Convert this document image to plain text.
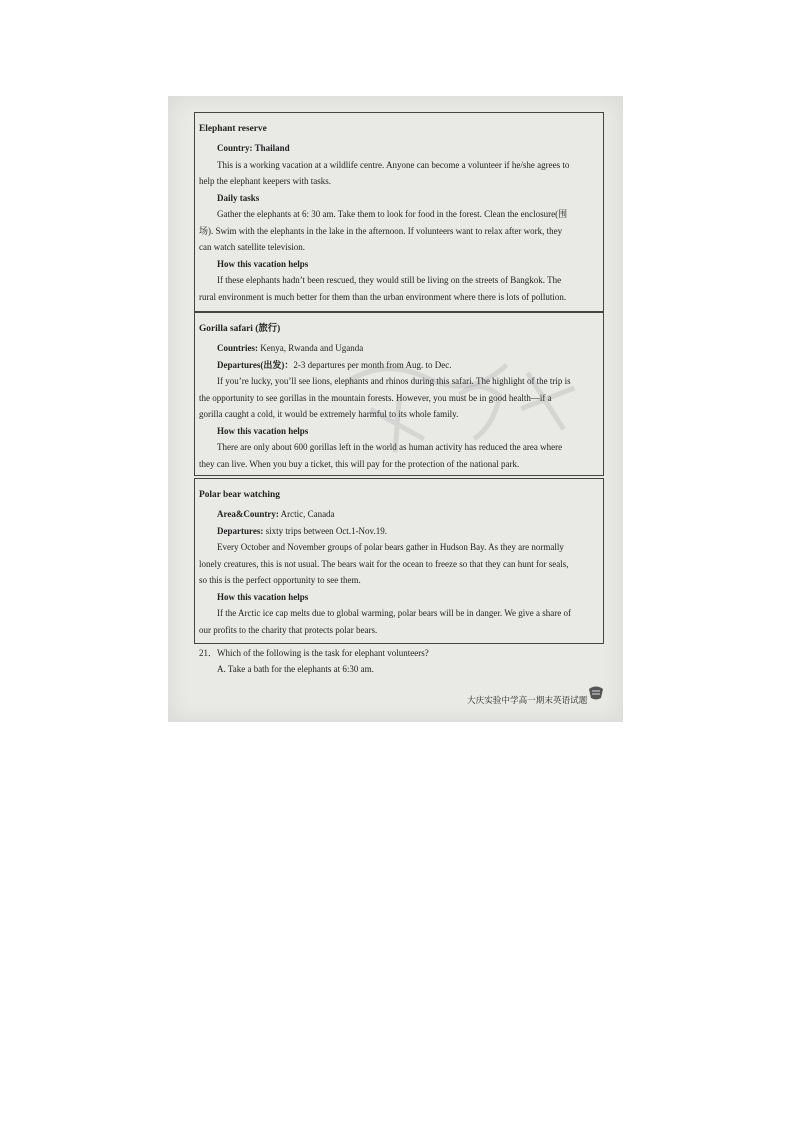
Elephant reserve

Country: Thailand

This is a working vacation at a wildlife centre. Anyone can become a volunteer if he/she agrees to

help the elephant keepers with tasks.

Daily tasks

Gather the elephants at 6: 30 am. Take them to look for food in the forest. Clean the enclosure(围

场). Swim with the elephants in the lake in the afternoon. If volunteers want to relax after work, they

can watch satellite television.

How this vacation helps

If these elephants hadn’t been rescued, they would still be living on the streets of Bangkok. The

rural environment is much better for them than the urban environment where there is lots of pollution.

Gorilla safari (旅行)

Countries: Kenya, Rwanda and Uganda

Departures(出发)：2-3 departures per month from Aug. to Dec.

If you’re lucky, you’ll see lions, elephants and rhinos during this safari. The highlight of the trip is

the opportunity to see gorillas in the mountain forests. However, you must be in good health—if a

gorilla caught a cold, it would be extremely harmful to its whole family.

How this vacation helps

There are only about 600 gorillas left in the world as human activity has reduced the area where

they can live. When you buy a ticket, this will pay for the protection of the national park.

Polar bear watching

Area&Country: Arctic, Canada

Departures: sixty trips between Oct.1-Nov.19.

Every October and November groups of polar bears gather in Hudson Bay. As they are normally

lonely creatures, this is not usual. The bears wait for the ocean to freeze so that they can hunt for seals,

so this is the perfect opportunity to see them.

How this vacation helps

If the Arctic ice cap melts due to global warming, polar bears will be in danger. We give a share of

our profits to the charity that protects polar bears.

21．Which of the following is the task for elephant volunteers?
A. Take a bath for the elephants at 6:30 am.
大庆实验中学高一期末英语试题
